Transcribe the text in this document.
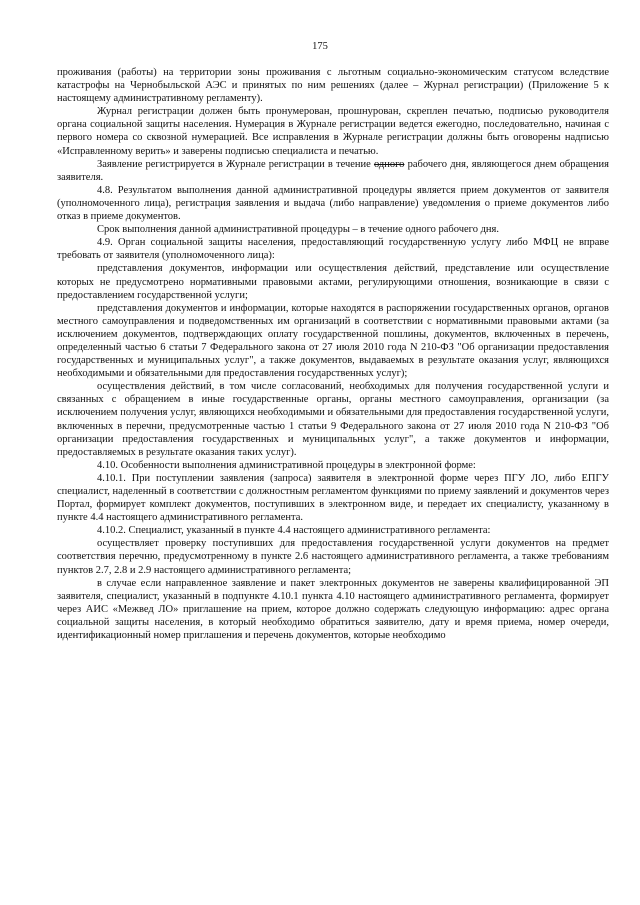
175

проживания (работы) на территории зоны проживания с льготным социально-экономическим статусом вследствие катастрофы на Чернобыльской АЭС и принятых по ним решениях (далее – Журнал регистрации) (Приложение 5 к настоящему административному регламенту).

Журнал регистрации должен быть пронумерован, прошнурован, скреплен печатью, подписью руководителя органа социальной защиты населения. Нумерация в Журнале регистрации ведется ежегодно, последовательно, начиная с первого номера со сквозной нумерацией. Все исправления в Журнале регистрации должны быть оговорены надписью «Исправленному верить» и заверены подписью специалиста и печатью.

Заявление регистрируется в Журнале регистрации в течение одного рабочего дня, являющегося днем обращения заявителя.

4.8. Результатом выполнения данной административной процедуры является прием документов от заявителя (уполномоченного лица), регистрация заявления и выдача (либо направление) уведомления о приеме документов либо отказ в приеме документов.

Срок выполнения данной административной процедуры – в течение одного рабочего дня.

4.9. Орган социальной защиты населения, предоставляющий государственную услугу либо МФЦ не вправе требовать от заявителя (уполномоченного лица):

представления документов, информации или осуществления действий, представление или осуществление которых не предусмотрено нормативными правовыми актами, регулирующими отношения, возникающие в связи с предоставлением государственной услуги;

представления документов и информации, которые находятся в распоряжении государственных органов, органов местного самоуправления и подведомственных им организаций в соответствии с нормативными правовыми актами (за исключением документов, подтверждающих оплату государственной пошлины, документов, включенных в перечень, определенный частью 6 статьи 7 Федерального закона от 27 июля 2010 года N 210-ФЗ "Об организации предоставления государственных и муниципальных услуг", а также документов, выдаваемых в результате оказания услуг, являющихся необходимыми и обязательными для предоставления государственных услуг);

осуществления действий, в том числе согласований, необходимых для получения государственной услуги и связанных с обращением в иные государственные органы, органы местного самоуправления, организации (за исключением получения услуг, являющихся необходимыми и обязательными для предоставления государственной услуги, включенных в перечни, предусмотренные частью 1 статьи 9 Федерального закона от 27 июля 2010 года N 210-ФЗ "Об организации предоставления государственных и муниципальных услуг", а также документов и информации, предоставляемых в результате оказания таких услуг).

4.10. Особенности выполнения административной процедуры в электронной форме:

4.10.1. При поступлении заявления (запроса) заявителя в электронной форме через ПГУ ЛО, либо ЕПГУ специалист, наделенный в соответствии с должностным регламентом функциями по приему заявлений и документов через Портал, формирует комплект документов, поступивших в электронном виде, и передает их специалисту, указанному в пункте 4.4 настоящего административного регламента.

4.10.2. Специалист, указанный в пункте 4.4 настоящего административного регламента:

осуществляет проверку поступивших для предоставления государственной услуги документов на предмет соответствия перечню, предусмотренному в пункте 2.6 настоящего административного регламента, а также требованиям пунктов 2.7, 2.8 и 2.9 настоящего административного регламента;

в случае если направленное заявление и пакет электронных документов не заверены квалифицированной ЭП заявителя, специалист, указанный в подпункте 4.10.1 пункта 4.10 настоящего административного регламента, формирует через АИС «Межвед ЛО» приглашение на прием, которое должно содержать следующую информацию: адрес органа социальной защиты населения, в который необходимо обратиться заявителю, дату и время приема, номер очереди, идентификационный номер приглашения и перечень документов, которые необходимо
